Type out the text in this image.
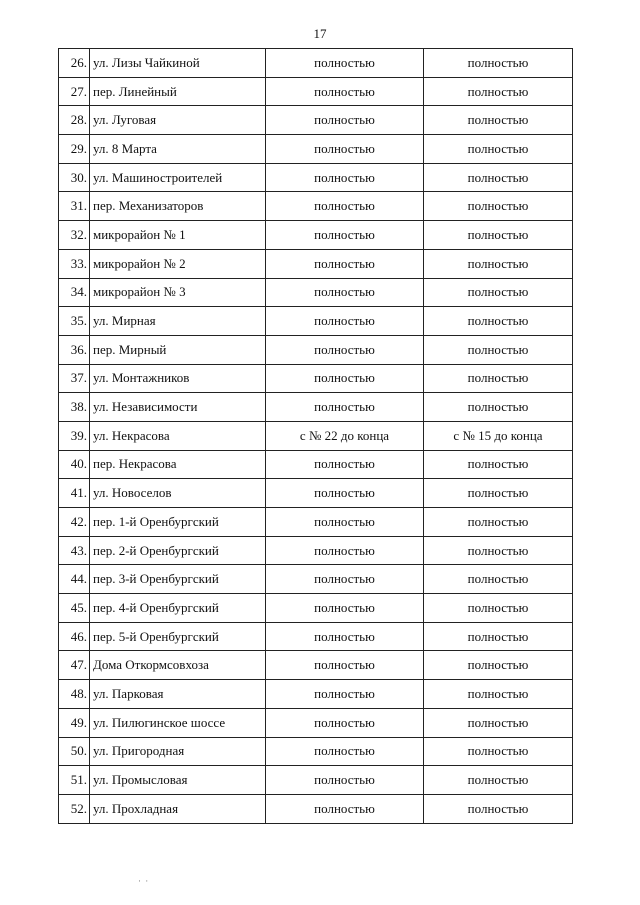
17
26.	ул. Лизы Чайкиной	полностью	полностью
27.	пер. Линейный	полностью	полностью
28.	ул. Луговая	полностью	полностью
29.	ул. 8 Марта	полностью	полностью
30.	ул. Машиностроителей	полностью	полностью
31.	пер. Механизаторов	полностью	полностью
32.	микрорайон № 1	полностью	полностью
33.	микрорайон № 2	полностью	полностью
34.	микрорайон № 3	полностью	полностью
35.	ул. Мирная	полностью	полностью
36.	пер. Мирный	полностью	полностью
37.	ул. Монтажников	полностью	полностью
38.	ул. Независимости	полностью	полностью
39.	ул. Некрасова	с № 22 до конца	с № 15 до конца
40.	пер. Некрасова	полностью	полностью
41.	ул. Новоселов	полностью	полностью
42.	пер. 1-й Оренбургский	полностью	полностью
43.	пер. 2-й Оренбургский	полностью	полностью
44.	пер. 3-й Оренбургский	полностью	полностью
45.	пер. 4-й Оренбургский	полностью	полностью
46.	пер. 5-й Оренбургский	полностью	полностью
47.	Дома Откормсовхоза	полностью	полностью
48.	ул. Парковая	полностью	полностью
49.	ул. Пилюгинское шоссе	полностью	полностью
50.	ул. Пригородная	полностью	полностью
51.	ул. Промысловая	полностью	полностью
52.	ул. Прохладная	полностью	полностью
· ·
